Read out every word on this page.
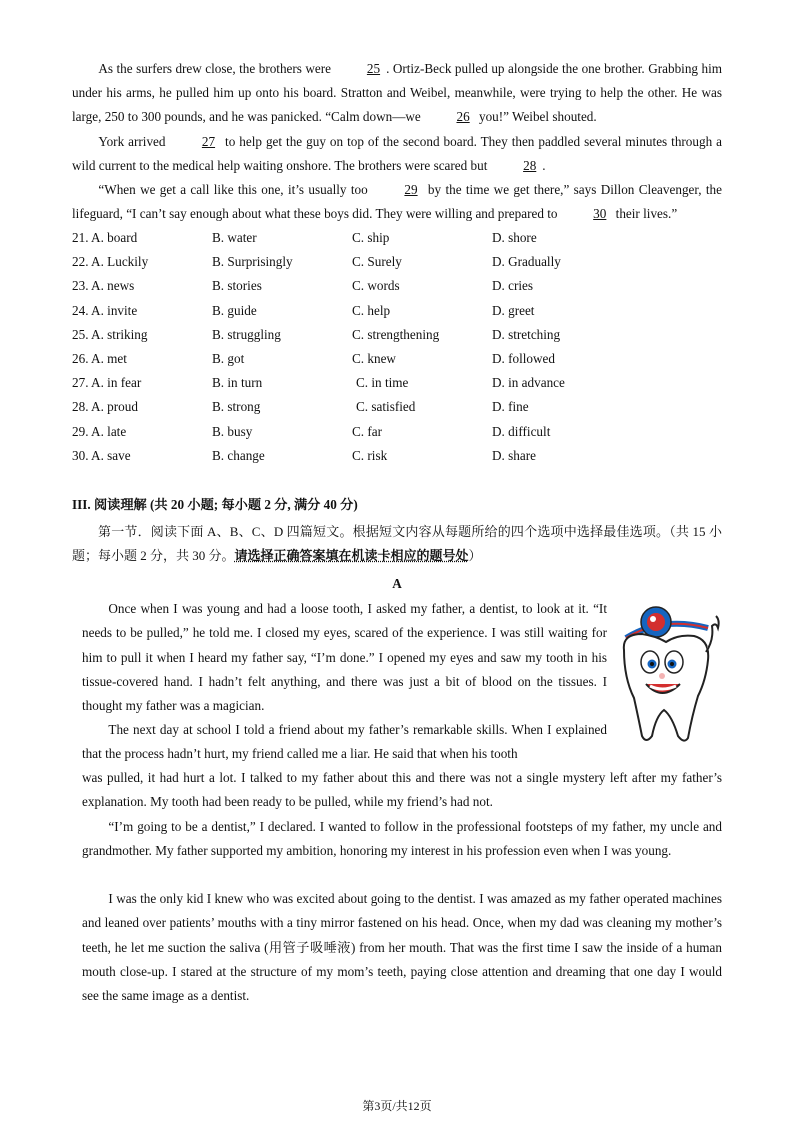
As the surfers drew close, the brothers were 25 . Ortiz-Beck pulled up alongside the one brother. Grabbing him under his arms, he pulled him up onto his board. Stratton and Weibel, meanwhile, were trying to help the other. He was large, 250 to 300 pounds, and he was panicked. “Calm down—we 26 you!” Weibel shouted.

York arrived 27 to help get the guy on top of the second board. They then paddled several minutes through a wild current to the medical help waiting onshore. The brothers were scared but 28 .

“When we get a call like this one, it’s usually too 29 by the time we get there,” says Dillon Cleavenger, the lifeguard, “I can’t say enough about what these boys did. They were willing and prepared to 30 their lives.”

21. A. board	B. water	C. ship	D. shore
22. A. Luckily	B. Surprisingly	C. Surely	D. Gradually
23. A. news	B. stories	C. words	D. cries
24. A. invite	B. guide	C. help	D. greet
25. A. striking	B. struggling	C. strengthening	D. stretching
26. A. met	B. got	C. knew	D. followed
27. A. in fear	B. in turn	C. in time	D. in advance
28. A. proud	B. strong	C. satisfied	D. fine
29. A. late	B. busy	C. far	D. difficult
30. A. save	B. change	C. risk	D. share
III. 阅读理解 (共 20 小题; 每小题 2 分, 满分 40 分)

第一节．阅读下面 A、B、C、D 四篇短文。根据短文内容从每题所给的四个选项中选择最佳选项。（共 15 小题；每小题 2 分，共 30 分。请选择正确答案填在机读卡相应的题号处）

A

Once when I was young and had a loose tooth, I asked my father, a dentist, to look at it. “It needs to be pulled,” he told me. I closed my eyes, scared of the experience. I was still waiting for him to pull it when I heard my father say, “I’m done.” I opened my eyes and saw my tooth in his tissue-covered hand. I hadn’t felt anything, and there was just a bit of blood on the tissues. I thought my father was a magician.

The next day at school I told a friend about my father’s remarkable skills. When I explained that the process hadn’t hurt, my friend called me a liar. He said that when his tooth

was pulled, it had hurt a lot. I talked to my father about this and there was not a single mystery left after my father’s explanation. My tooth had been ready to be pulled, while my friend’s had not.

“I’m going to be a dentist,” I declared. I wanted to follow in the professional footsteps of my father, my uncle and grandmother. My father supported my ambition, honoring my interest in his profession even when I was young.

I was the only kid I knew who was excited about going to the dentist. I was amazed as my father operated machines and leaned over patients’ mouths with a tiny mirror fastened on his head. Once, when my dad was cleaning my mother’s teeth, he let me suction the saliva (用管子吸唾液) from her mouth. That was the first time I saw the inside of a human mouth close-up. I stared at the structure of my mom’s teeth, paying close attention and dreaming that one day I would see the same image as a dentist.

第3页/共12页
